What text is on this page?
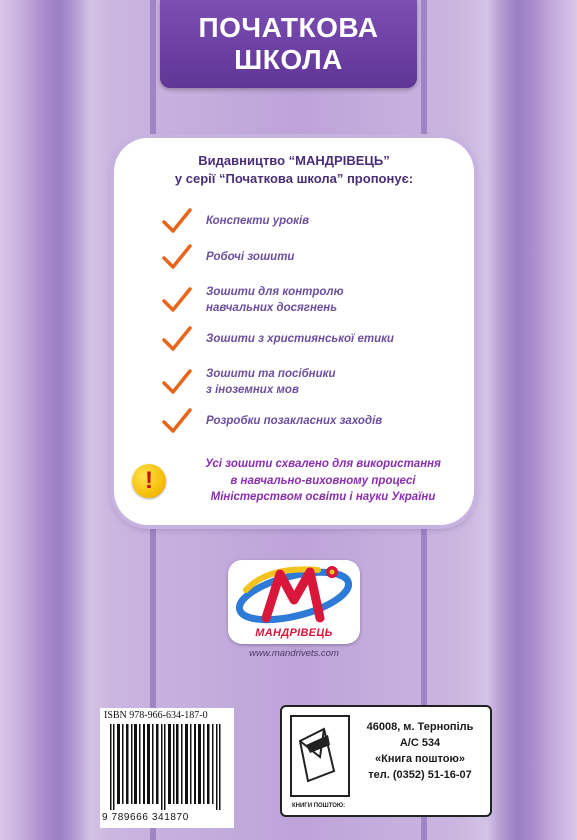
ПОЧАТКОВА
ШКОЛА
Видавництво “МАНДРІВЕЦЬ”
у серії “Початкова школа” пропонує:
Конспекти уроків
Робочі зошити
Зошити для контролю
навчальних досягнень
Зошити з християнської етики
Зошити та посібники
з іноземних мов
Розробки позакласних заходів
!
Усі зошити схвалено для використання
в навчально-виховному процесі
Міністерством освіти і науки України
МАНДРІВЕЦЬ
www.mandrivets.com
ISBN 978-966-634-187-0
9 789666 341870
КНИГИ ПОШТОЮ:
46008, м. Тернопіль
А/С 534
«Книга поштою»
тел. (0352) 51-16-07
